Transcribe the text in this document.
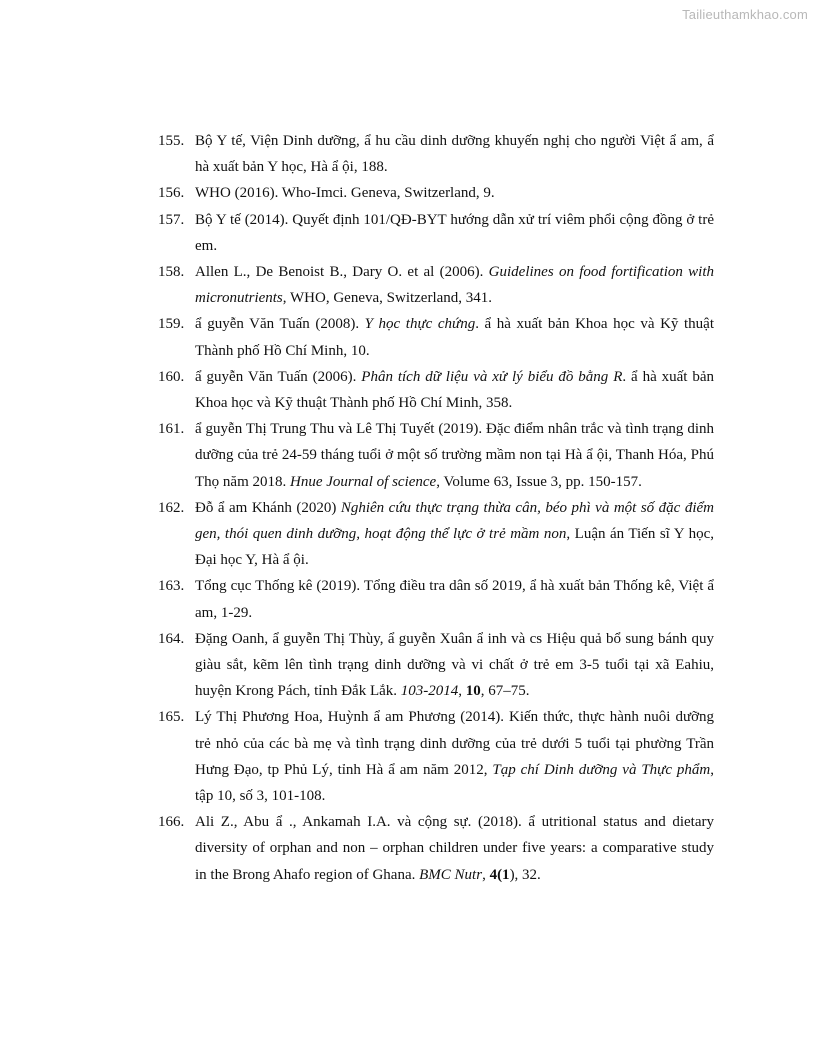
Tailieuthamkhao.com
155. Bộ Y tế, Viện Dinh dưỡng, ẩ hu cầu dinh dưỡng khuyến nghị cho người Việt ẩ am, ẩ hà xuất bản Y học, Hà ẩ ội, 188.
156. WHO (2016). Who-Imci. Geneva, Switzerland, 9.
157. Bộ Y tế (2014). Quyết định 101/QĐ-BYT hướng dẫn xử trí viêm phổi cộng đồng ở trẻ em.
158. Allen L., De Benoist B., Dary O. et al (2006). Guidelines on food fortification with micronutrients, WHO, Geneva, Switzerland, 341.
159. ẩ guyễn Văn Tuấn (2008). Y học thực chứng. ẩ hà xuất bản Khoa học và Kỹ thuật Thành phố Hồ Chí Minh, 10.
160. ẩ guyễn Văn Tuấn (2006). Phân tích dữ liệu và xử lý biểu đồ bằng R. ẩ hà xuất bản Khoa học và Kỹ thuật Thành phố Hồ Chí Minh, 358.
161. ẩ guyễn Thị Trung Thu và Lê Thị Tuyết (2019). Đặc điểm nhân trắc và tình trạng dinh dưỡng của trẻ 24-59 tháng tuổi ở một số trường mầm non tại Hà ẩ ội, Thanh Hóa, Phú Thọ năm 2018. Hnue Journal of science, Volume 63, Issue 3, pp. 150-157.
162. Đỗ ẩ am Khánh (2020) Nghiên cứu thực trạng thừa cân, béo phì và một số đặc điểm gen, thói quen dinh dưỡng, hoạt động thể lực ở trẻ mầm non, Luận án Tiến sĩ Y học, Đại học Y, Hà ẩ ội.
163. Tổng cục Thống kê (2019). Tổng điều tra dân số 2019, ẩ hà xuất bản Thống kê, Việt ẩ am, 1-29.
164. Đặng Oanh, ẩ guyễn Thị Thùy, ẩ guyễn Xuân ẩ inh và cs Hiệu quả bổ sung bánh quy giàu sắt, kẽm lên tình trạng dinh dưỡng và vi chất ở trẻ em 3-5 tuổi tại xã Eahiu, huyện Krong Pách, tỉnh Đắk Lắk. 103-2014, 10, 67–75.
165. Lý Thị Phương Hoa, Huỳnh ẩ am Phương (2014). Kiến thức, thực hành nuôi dưỡng trẻ nhỏ của các bà mẹ và tình trạng dinh dưỡng của trẻ dưới 5 tuổi tại phường Trần Hưng Đạo, tp Phủ Lý, tỉnh Hà ẩ am năm 2012, Tạp chí Dinh dưỡng và Thực phẩm, tập 10, số 3, 101-108.
166. Ali Z., Abu ẩ ., Ankamah I.A. và cộng sự. (2018). ẩ utritional status and dietary diversity of orphan and non – orphan children under five years: a comparative study in the Brong Ahafo region of Ghana. BMC Nutr, 4(1), 32.
